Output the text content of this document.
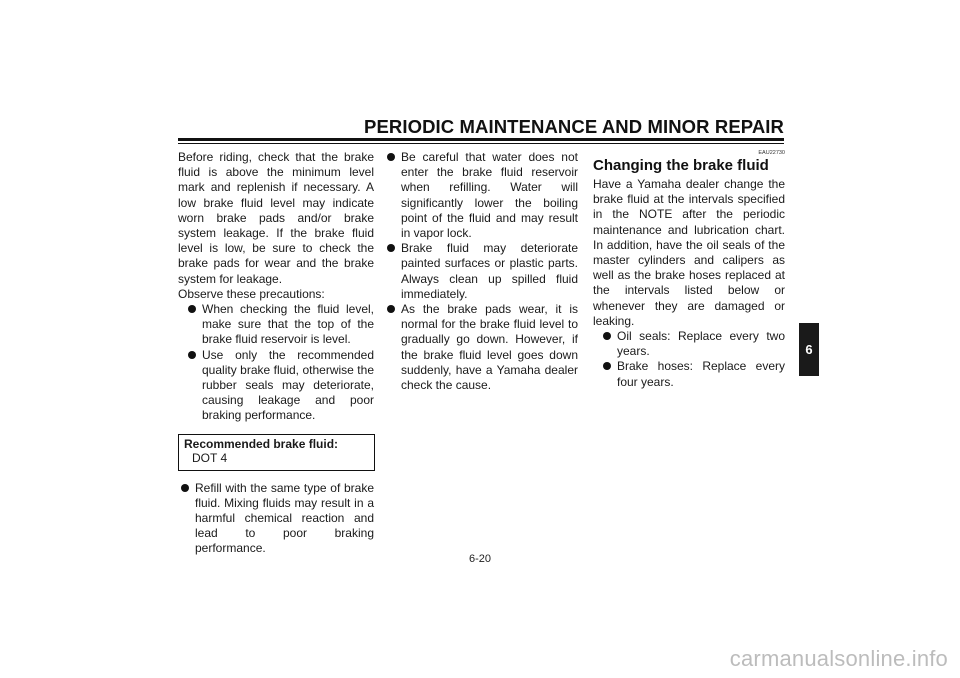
PERIODIC MAINTENANCE AND MINOR REPAIR

Before riding, check that the brake fluid is above the minimum level mark and replenish if necessary. A low brake fluid level may indicate worn brake pads and/or brake system leakage. If the brake fluid level is low, be sure to check the brake pads for wear and the brake system for leakage.

Observe these precautions:

When checking the fluid level, make sure that the top of the brake fluid reservoir is level.
Use only the recommended quality brake fluid, otherwise the rubber seals may deteriorate, causing leakage and poor braking performance.
Recommended brake fluid:
DOT 4
Refill with the same type of brake fluid. Mixing fluids may result in a harmful chemical reaction and lead to poor braking performance.
Be careful that water does not enter the brake fluid reservoir when refilling. Water will significantly lower the boiling point of the fluid and may result in vapor lock.
Brake fluid may deteriorate painted surfaces or plastic parts. Always clean up spilled fluid immediately.
As the brake pads wear, it is normal for the brake fluid level to gradually go down. However, if the brake fluid level goes down suddenly, have a Yamaha dealer check the cause.
EAU22730
Changing the brake fluid

Have a Yamaha dealer change the brake fluid at the intervals specified in the NOTE after the periodic maintenance and lubrication chart. In addition, have the oil seals of the master cylinders and calipers as well as the brake hoses replaced at the intervals listed below or whenever they are damaged or leaking.

Oil seals: Replace every two years.
Brake hoses: Replace every four years.
6-20
6
carmanualsonline.info
